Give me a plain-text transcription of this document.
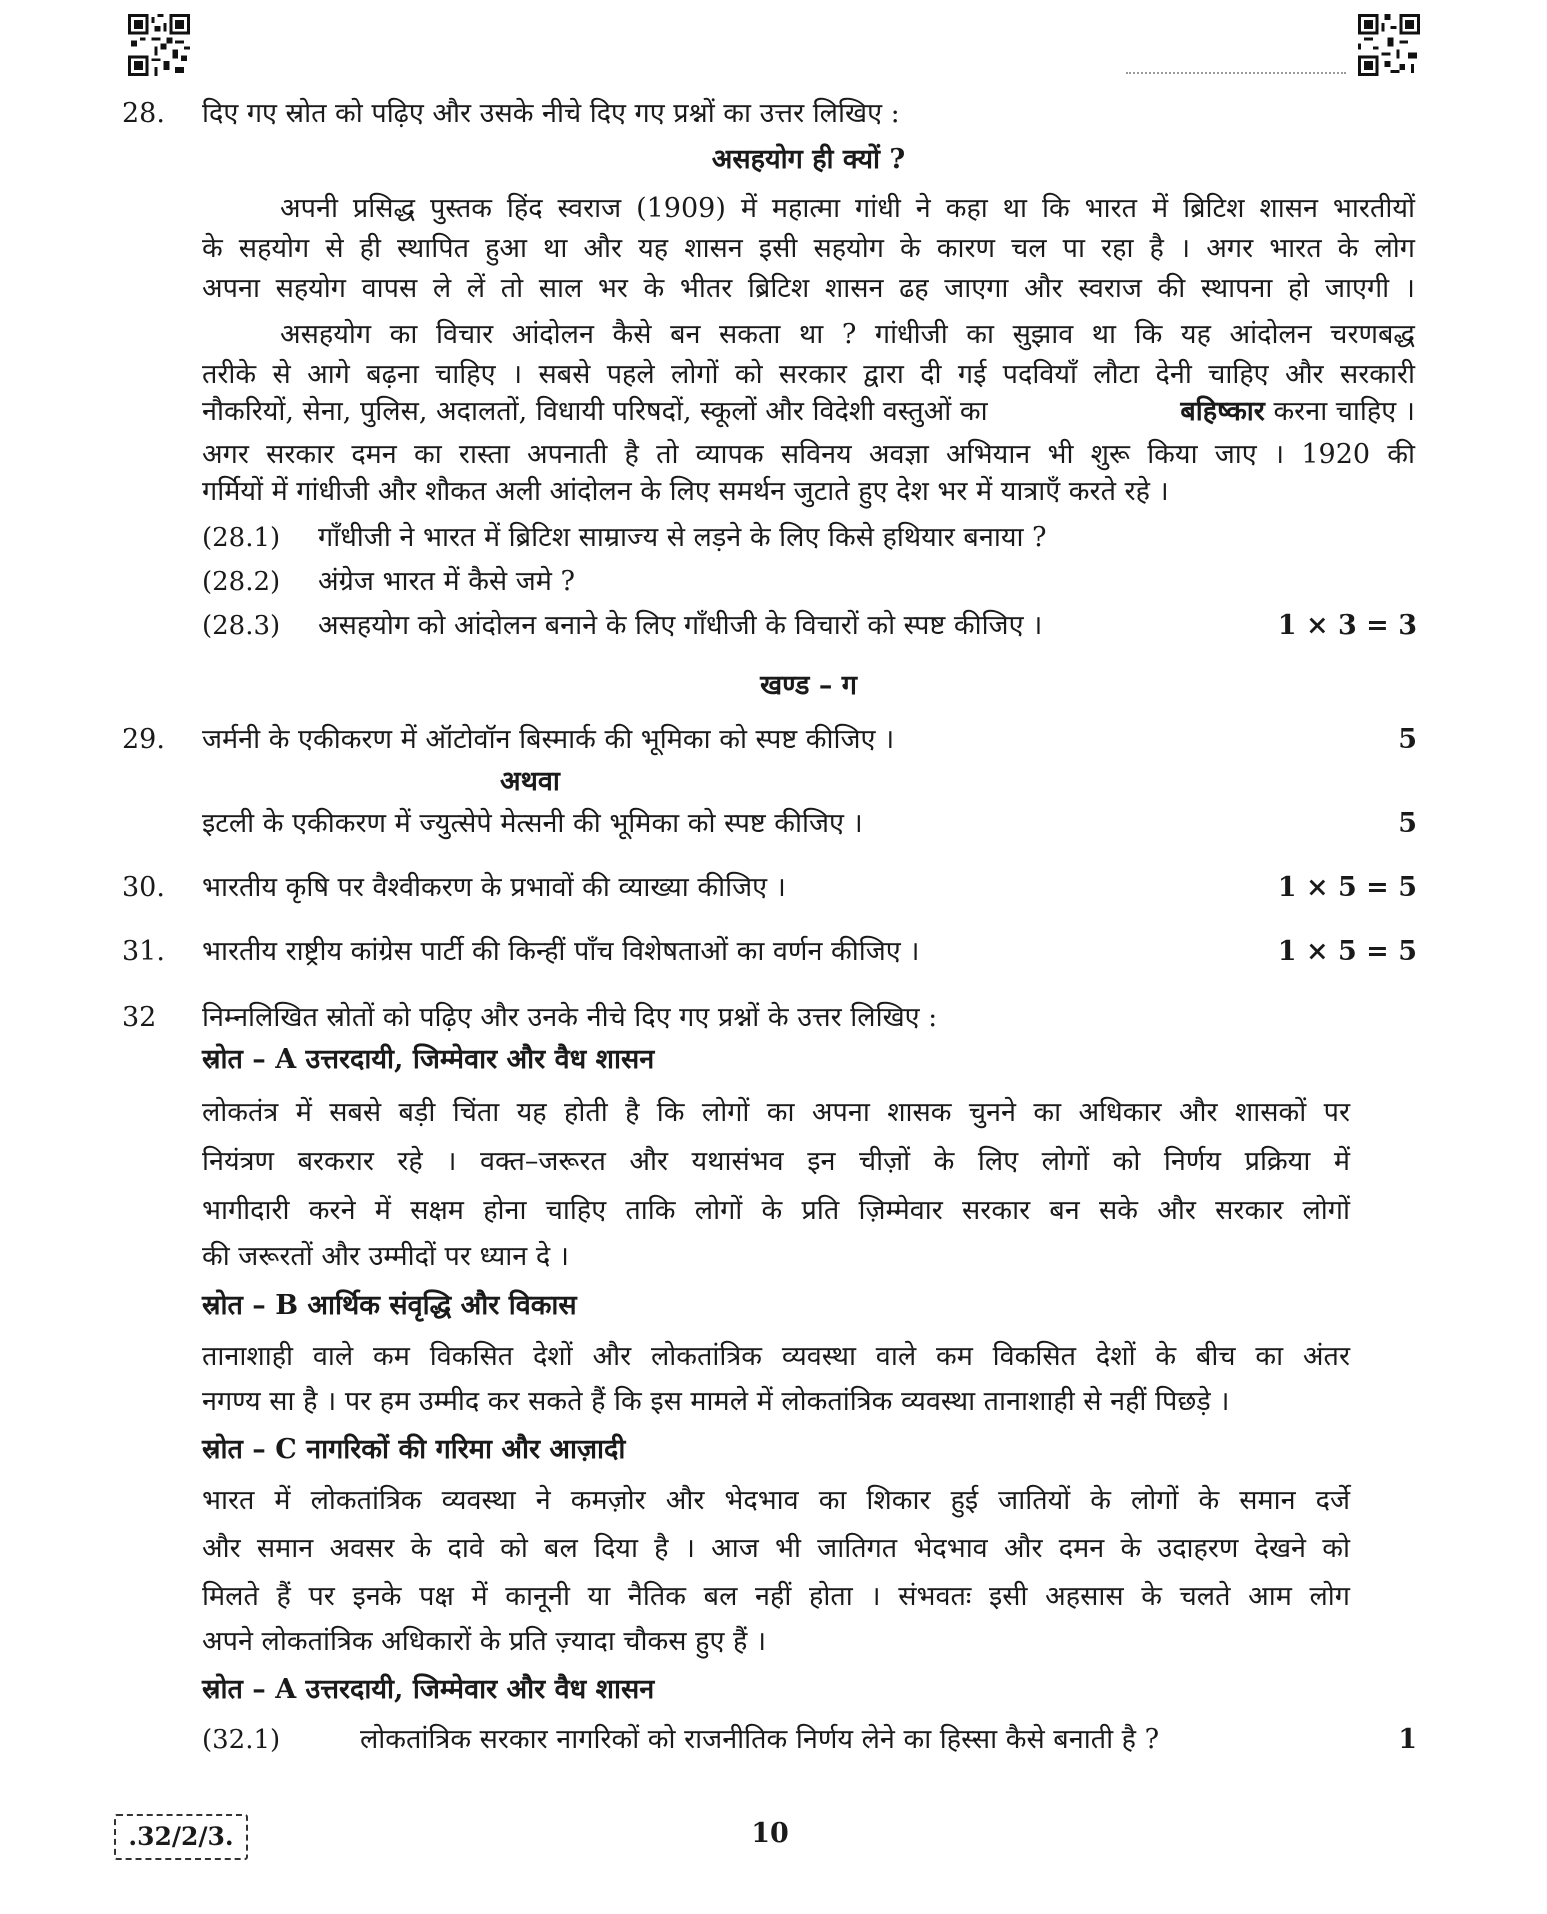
28. दिए गए स्रोत को पढ़िए और उसके नीचे दिए गए प्रश्नों का उत्तर लिखिए :
असहयोग ही क्यों ?
अपनी प्रसिद्ध पुस्तक हिंद स्वराज (1909) में महात्मा गांधी ने कहा था कि भारत में ब्रिटिश शासन भारतीयों
के सहयोग से ही स्थापित हुआ था और यह शासन इसी सहयोग के कारण चल पा रहा है । अगर भारत के लोग
अपना सहयोग वापस ले लें तो साल भर के भीतर ब्रिटिश शासन ढह जाएगा और स्वराज की स्थापना हो जाएगी ।
असहयोग का विचार आंदोलन कैसे बन सकता था ? गांधीजी का सुझाव था कि यह आंदोलन चरणबद्ध
तरीके से आगे बढ़ना चाहिए । सबसे पहले लोगों को सरकार द्वारा दी गई पदवियाँ लौटा देनी चाहिए और सरकारी
नौकरियों, सेना, पुलिस, अदालतों, विधायी परिषदों, स्कूलों और विदेशी वस्तुओं का	बहिष्कार करना चाहिए ।
अगर सरकार दमन का रास्ता अपनाती है तो व्यापक सविनय अवज्ञा अभियान भी शुरू किया जाए । 1920 की
गर्मियों में गांधीजी और शौकत अली आंदोलन के लिए समर्थन जुटाते हुए देश भर में यात्राएँ करते रहे ।
(28.1) गाँधीजी ने भारत में ब्रिटिश साम्राज्य से लड़ने के लिए किसे हथियार बनाया ?
(28.2) अंग्रेज भारत में कैसे जमे ?
(28.3) असहयोग को आंदोलन बनाने के लिए गाँधीजी के विचारों को स्पष्ट कीजिए ।	1 × 3 = 3
खण्ड – ग
29. जर्मनी के एकीकरण में ऑटोवॉन बिस्मार्क की भूमिका को स्पष्ट कीजिए ।	5
अथवा
इटली के एकीकरण में ज्युत्सेपे मेत्सनी की भूमिका को स्पष्ट कीजिए ।	5
30. भारतीय कृषि पर वैश्वीकरण के प्रभावों की व्याख्या कीजिए ।	1 × 5 = 5
31. भारतीय राष्ट्रीय कांग्रेस पार्टी की किन्हीं पाँच विशेषताओं का वर्णन कीजिए ।	1 × 5 = 5
32 निम्नलिखित स्रोतों को पढ़िए और उनके नीचे दिए गए प्रश्नों के उत्तर लिखिए :
स्रोत – A उत्तरदायी, जिम्मेवार और वैध शासन
लोकतंत्र में सबसे बड़ी चिंता यह होती है कि लोगों का अपना शासक चुनने का अधिकार और शासकों पर
नियंत्रण बरकरार रहे । वक्त–जरूरत और यथासंभव इन चीज़ों के लिए लोगों को निर्णय प्रक्रिया में
भागीदारी करने में सक्षम होना चाहिए ताकि लोगों के प्रति ज़िम्मेवार सरकार बन सके और सरकार लोगों
की जरूरतों और उम्मीदों पर ध्यान दे ।
स्रोत – B आर्थिक संवृद्धि और विकास
तानाशाही वाले कम विकसित देशों और लोकतांत्रिक व्यवस्था वाले कम विकसित देशों के बीच का अंतर
नगण्य सा है । पर हम उम्मीद कर सकते हैं कि इस मामले में लोकतांत्रिक व्यवस्था तानाशाही से नहीं पिछड़े ।
स्रोत – C नागरिकों की गरिमा और आज़ादी
भारत में लोकतांत्रिक व्यवस्था ने कमज़ोर और भेदभाव का शिकार हुई जातियों के लोगों के समान दर्जे
और समान अवसर के दावे को बल दिया है । आज भी जातिगत भेदभाव और दमन के उदाहरण देखने को
मिलते हैं पर इनके पक्ष में कानूनी या नैतिक बल नहीं होता । संभवतः इसी अहसास के चलते आम लोग
अपने लोकतांत्रिक अधिकारों के प्रति ज़्यादा चौकस हुए हैं ।
स्रोत – A उत्तरदायी, जिम्मेवार और वैध शासन
(32.1)	लोकतांत्रिक सरकार नागरिकों को राजनीतिक निर्णय लेने का हिस्सा कैसे बनाती है ?	1
.32/2/3.	10
